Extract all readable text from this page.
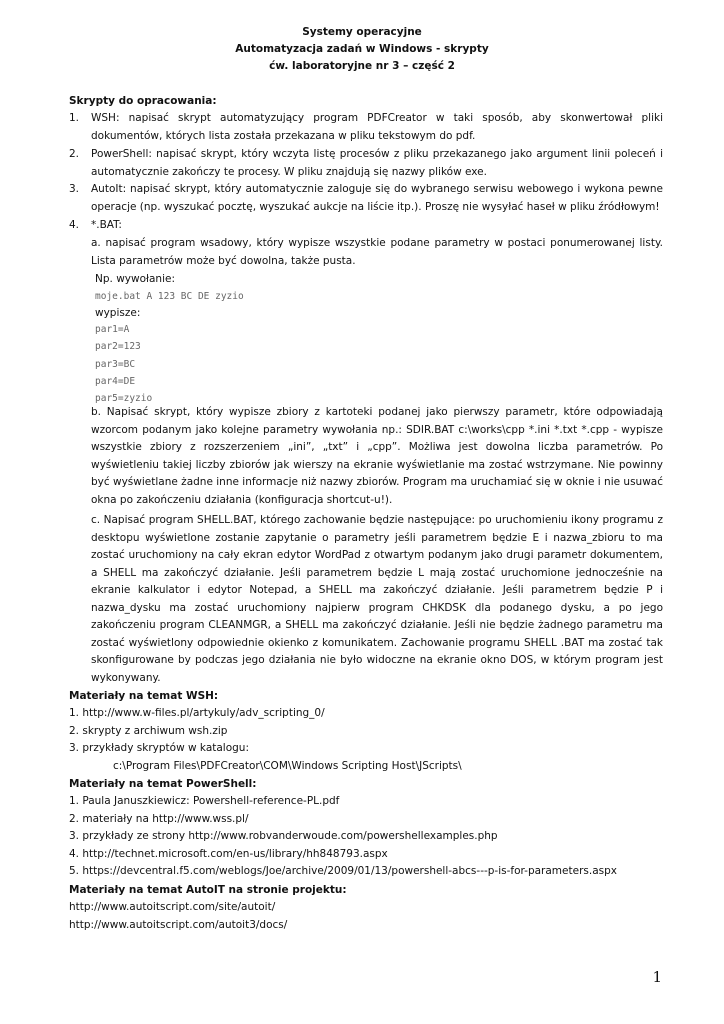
Systemy operacyjne
Automatyzacja zadań w Windows - skrypty
ćw. laboratoryjne nr 3 – część 2
Skrypty do opracowania:
1. WSH: napisać skrypt automatyzujący program PDFCreator w taki sposób, aby skonwertował pliki dokumentów, których lista została przekazana w pliku tekstowym do pdf.
2. PowerShell: napisać skrypt, który wczyta listę procesów z pliku przekazanego jako argument linii poleceń i automatycznie zakończy te procesy. W pliku znajdują się nazwy plików exe.
3. AutoIt: napisać skrypt, który automatycznie zaloguje się do wybranego serwisu webowego i wykona pewne operacje (np. wyszukać pocztę, wyszukać aukcje na liście itp.). Proszę nie wysyłać haseł w pliku źródłowym!
4. *.BAT:
a. napisać program wsadowy, który wypisze wszystkie podane parametry w postaci ponumerowanej listy. Lista parametrów może być dowolna, także pusta.
Np. wywołanie:
moje.bat A 123 BC DE zyzio
wypisze:
par1=A
par2=123
par3=BC
par4=DE
par5=zyzio
b. Napisać skrypt, który wypisze zbiory z kartoteki podanej jako pierwszy parametr, które odpowiadają wzorcom podanym jako kolejne parametry wywołania np.: SDIR.BAT c:\works\cpp *.ini *.txt *.cpp - wypisze wszystkie zbiory z rozszerzeniem „ini”, „txt” i „cpp”. Możliwa jest dowolna liczba parametrów. Po wyświetleniu takiej liczby zbiorów jak wierszy na ekranie wyświetlanie ma zostać wstrzymane. Nie powinny być wyświetlane żadne inne informacje niż nazwy zbiorów. Program ma uruchamiać się w oknie i nie usuwać okna po zakończeniu działania (konfiguracja shortcut-u!).
c. Napisać program SHELL.BAT, którego zachowanie będzie następujące: po uruchomieniu ikony programu z desktopu wyświetlone zostanie zapytanie o parametry jeśli parametrem będzie E i nazwa_zbioru to ma zostać uruchomiony na cały ekran edytor WordPad z otwartym podanym jako drugi parametr dokumentem, a SHELL ma zakończyć działanie. Jeśli parametrem będzie L mają zostać uruchomione jednocześnie na ekranie kalkulator i edytor Notepad, a SHELL ma zakończyć działanie. Jeśli parametrem będzie P i nazwa_dysku ma zostać uruchomiony najpierw program CHKDSK dla podanego dysku, a po jego zakończeniu program CLEANMGR, a SHELL ma zakończyć działanie. Jeśli nie będzie żadnego parametru ma zostać wyświetlony odpowiednie okienko z komunikatem. Zachowanie programu SHELL .BAT ma zostać tak skonfigurowane by podczas jego działania nie było widoczne na ekranie okno DOS, w którym program jest wykonywany.
Materiały na temat WSH:
1. http://www.w-files.pl/artykuly/adv_scripting_0/
2. skrypty z archiwum wsh.zip
3. przykłady skryptów w katalogu:
c:\Program Files\PDFCreator\COM\Windows Scripting Host\JScripts\
Materiały na temat PowerShell:
1. Paula Januszkiewicz: Powershell-reference-PL.pdf
2. materiały na http://www.wss.pl/
3. przykłady ze strony http://www.robvanderwoude.com/powershellexamples.php
4. http://technet.microsoft.com/en-us/library/hh848793.aspx
5. https://devcentral.f5.com/weblogs/Joe/archive/2009/01/13/powershell-abcs---p-is-for-parameters.aspx
Materiały na temat AutoIT na stronie projektu:
http://www.autoitscript.com/site/autoit/
http://www.autoitscript.com/autoit3/docs/
1
